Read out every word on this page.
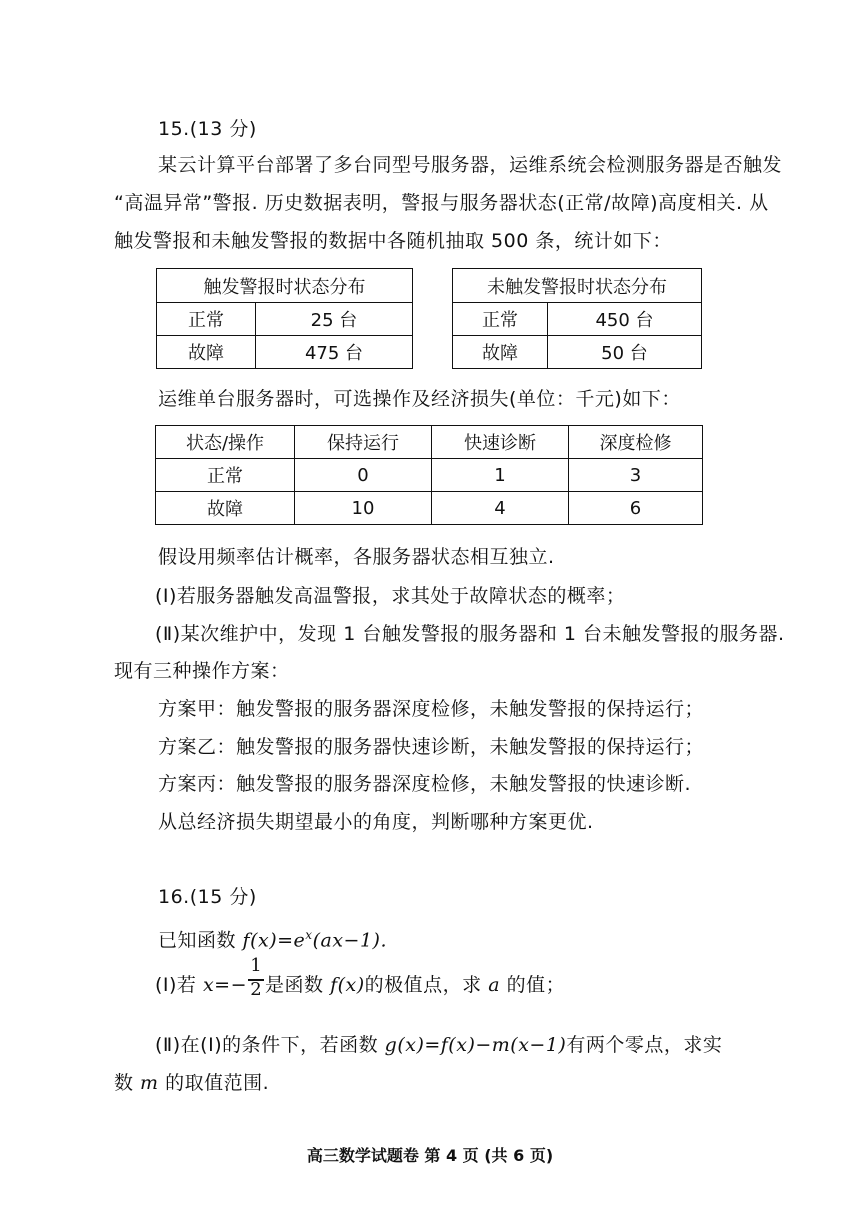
15.(13 分)
某云计算平台部署了多台同型号服务器，运维系统会检测服务器是否触发
“高温异常”警报. 历史数据表明，警报与服务器状态(正常/故障)高度相关. 从
触发警报和未触发警报的数据中各随机抽取 500 条，统计如下：
触发警报时状态分布	
正常	25 台
故障	475 台
未触发警报时状态分布	
正常	450 台
故障	50 台
运维单台服务器时，可选操作及经济损失(单位：千元)如下：
状态/操作	保持运行	快速诊断	深度检修
正常	0	1	3
故障	10	4	6
假设用频率估计概率，各服务器状态相互独立.
(Ⅰ)若服务器触发高温警报，求其处于故障状态的概率；
(Ⅱ)某次维护中，发现 1 台触发警报的服务器和 1 台未触发警报的服务器.
现有三种操作方案：
方案甲：触发警报的服务器深度检修，未触发警报的保持运行；
方案乙：触发警报的服务器快速诊断，未触发警报的保持运行；
方案丙：触发警报的服务器深度检修，未触发警报的快速诊断.
从总经济损失期望最小的角度，判断哪种方案更优.
16.(15 分)
已知函数 $f(x)=e^x(ax-1)$.
(Ⅰ)若 x=− 是函数 f(x)的极值点，求 a 的值；
1
2
(Ⅱ)在(Ⅰ)的条件下，若函数 g(x)=f(x)−m(x−1)有两个零点，求实
数 m 的取值范围.
高三数学试题卷 第 4 页 (共 6 页)
